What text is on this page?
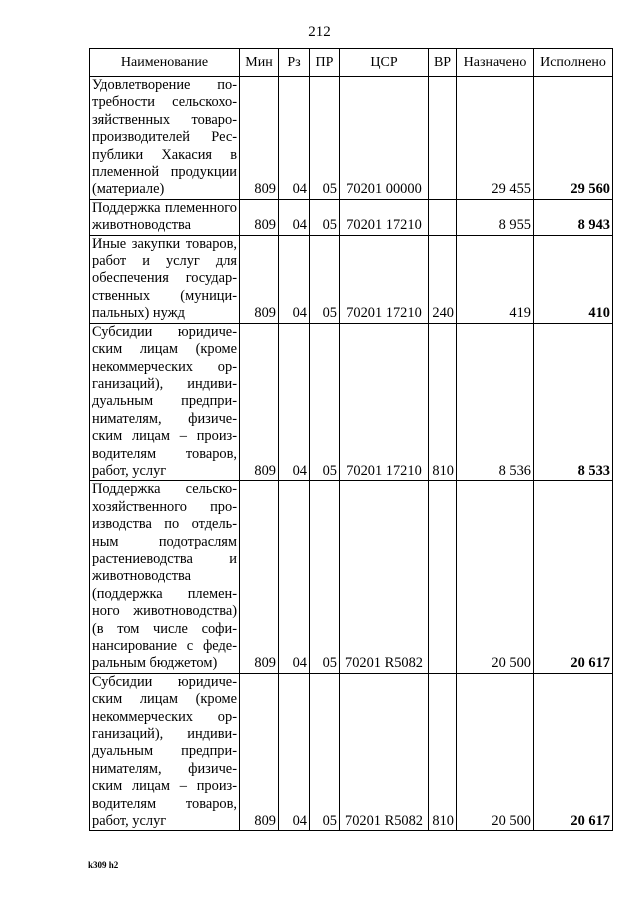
212
Наименование	Мин	Рз	ПР	ЦСР	ВР	Назначено	Исполнено
Удовлетворение потребности сельскохозяйственных товаропроизводителей Республики Хакасия в племенной продукции (материале)	809	04	05	70201 00000		29 455	29 560
Поддержка племенного животноводства	809	04	05	70201 17210		8 955	8 943
Иные закупки товаров, работ и услуг для обеспечения государственных (муниципальных) нужд	809	04	05	70201 17210	240	419	410
Субсидии юридическим лицам (кроме некоммерческих организаций), индивидуальным предпринимателям, физическим лицам – производителям товаров, работ, услуг	809	04	05	70201 17210	810	8 536	8 533
Поддержка сельскохозяйственного производства по отдельным подотраслям растениеводства и животноводства (поддержка племенного животноводства) (в том числе софинансирование с федеральным бюджетом)	809	04	05	70201 R5082		20 500	20 617
Субсидии юридическим лицам (кроме некоммерческих организаций), индивидуальным предпринимателям, физическим лицам – производителям товаров, работ, услуг	809	04	05	70201 R5082	810	20 500	20 617
k309 h2
